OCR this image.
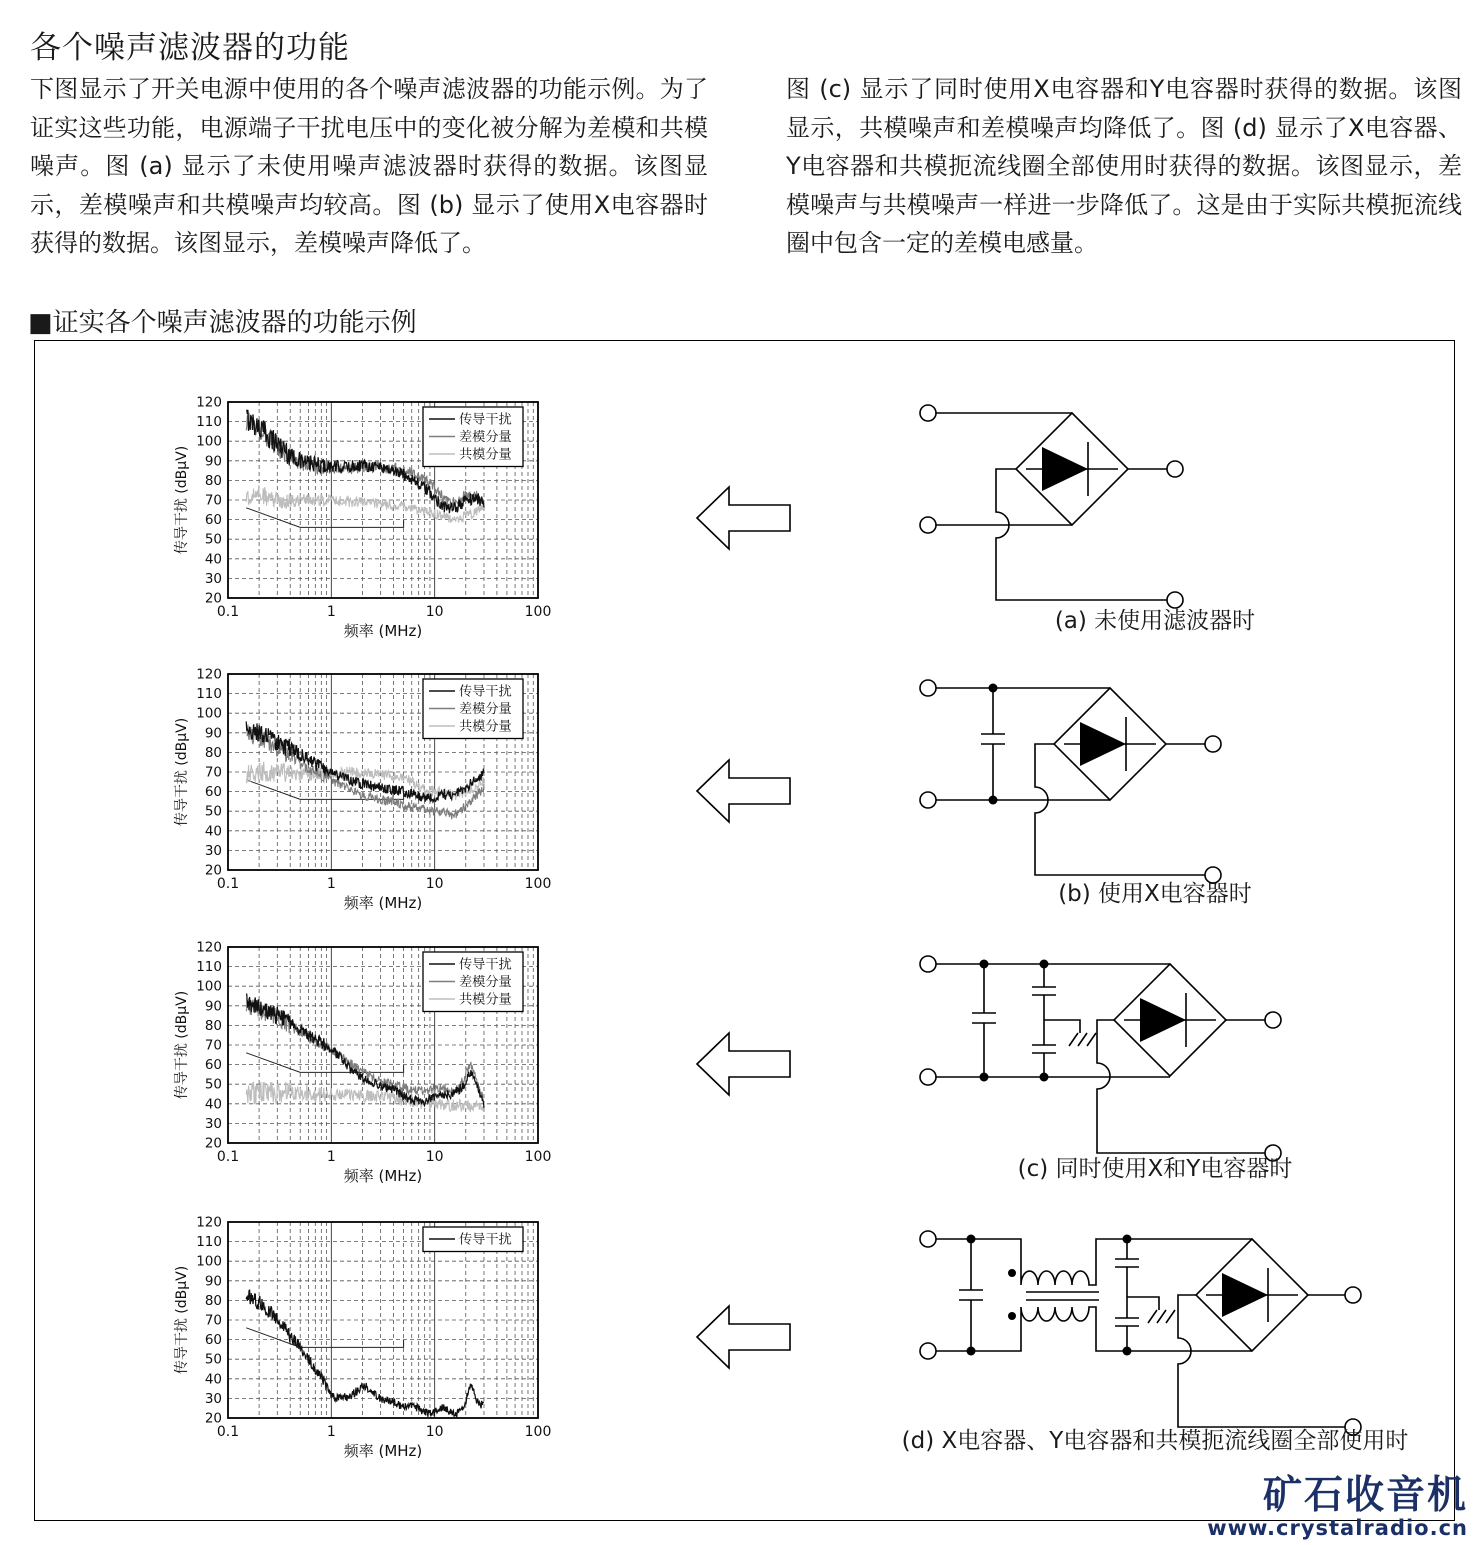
各个噪声滤波器的功能
下图显示了开关电源中使用的各个噪声滤波器的功能示例。为了证实这些功能，电源端子干扰电压中的变化被分解为差模和共模噪声。图 (a) 显示了未使用噪声滤波器时获得的数据。该图显示，差模噪声和共模噪声均较高。图 (b) 显示了使用X电容器时获得的数据。该图显示，差模噪声降低了。
图 (c) 显示了同时使用X电容器和Y电容器时获得的数据。该图显示，共模噪声和差模噪声均降低了。图 (d) 显示了X电容器、Y电容器和共模扼流线圈全部使用时获得的数据。该图显示，差模噪声与共模噪声一样进一步降低了。这是由于实际共模扼流线圈中包含一定的差模电感量。
■证实各个噪声滤波器的功能示例
120
110
100
90
80
70
60
50
40
30
20
0.1	1	10	100
频率 (MHz)
传导干扰 (dBμV)
传导干扰
差模分量
共模分量
120
110
100
90
80
70
60
50
40
30
20
0.1	1	10	100
频率 (MHz)
传导干扰 (dBμV)
传导干扰
差模分量
共模分量
120
110
100
90
80
70
60
50
40
30
20
0.1	1	10	100
频率 (MHz)
传导干扰 (dBμV)
传导干扰
差模分量
共模分量
120
110
100
90
80
70
60
50
40
30
20
0.1	1	10	100
频率 (MHz)
传导干扰 (dBμV)
传导干扰
(a) 未使用滤波器时
(b) 使用X电容器时
(c) 同时使用X和Y电容器时
(d) X电容器、Y电容器和共模扼流线圈全部使用时
矿石收音机
www.crystalradio.cn
